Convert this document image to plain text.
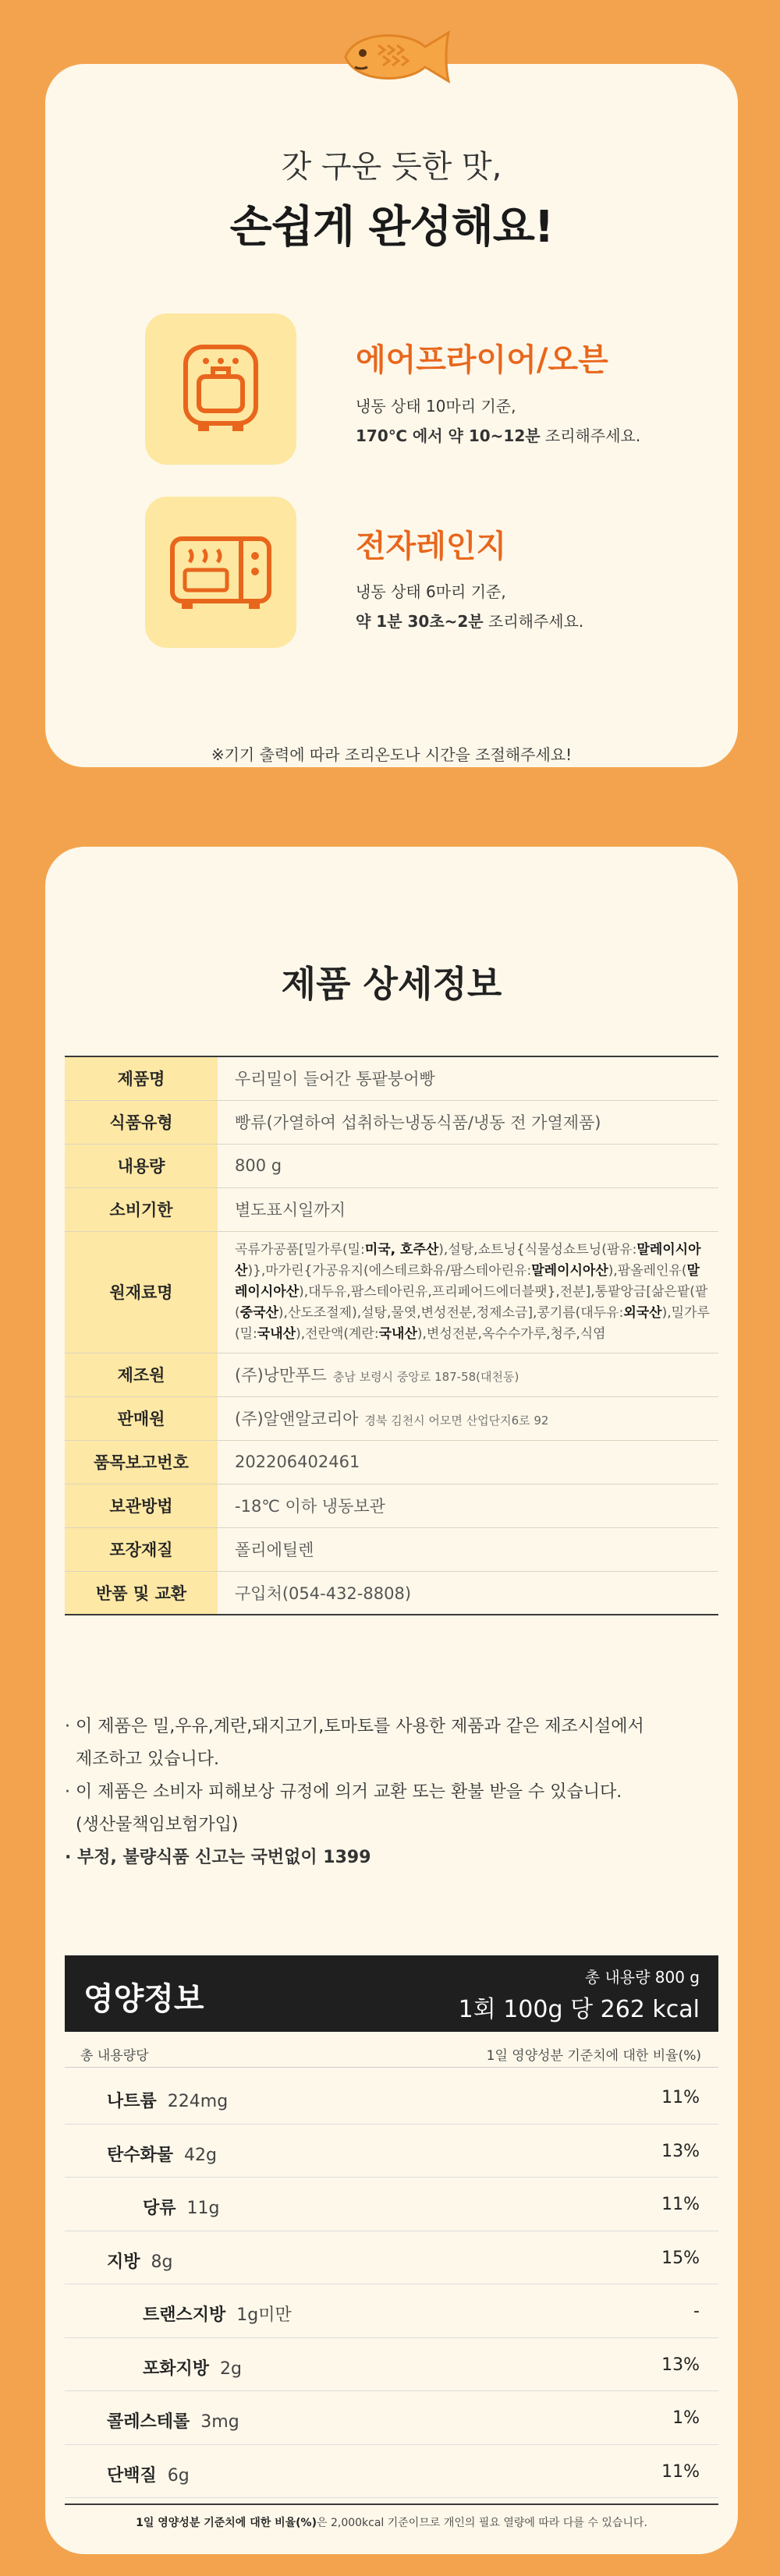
갓 구운 듯한 맛,
손쉽게 완성해요!
에어프라이어/오븐
냉동 상태 10마리 기준,
170℃ 에서 약 10~12분 조리해주세요.
전자레인지
냉동 상태 6마리 기준,
약 1분 30초~2분 조리해주세요.
※기기 출력에 따라 조리온도나 시간을 조절해주세요!
제품 상세정보
제품명	우리밀이 들어간 통팥붕어빵
식품유형	빵류(가열하여 섭취하는냉동식품/냉동 전 가열제품)
내용량	800 g
소비기한	별도표시일까지
원재료명	곡류가공품[밀가루(밀:미국, 호주산),설탕,쇼트닝{식물성쇼트닝(팜유:말레이시아산)},마가린{가공유지(에스테르화유/팜스테아린유:말레이시아산),팜올레인유(말레이시아산),대두유,팜스테아린유,프리페어드에더블팻},전분],통팥앙금[삶은팥(팥(중국산),산도조절제),설탕,물엿,변성전분,정제소금],콩기름(대두유:외국산),밀가루(밀:국내산),전란액(계란:국내산),변성전분,옥수수가루,청주,식염
제조원	(주)낭만푸드 충남 보령시 중앙로 187-58(대천동)
판매원	(주)알앤알코리아 경북 김천시 어모면 산업단지6로 92
품목보고번호	202206402461
보관방법	-18℃ 이하 냉동보관
포장재질	폴리에틸렌
반품 및 교환	구입처(054-432-8808)
· 이 제품은 밀,우유,계란,돼지고기,토마토를 사용한 제품과 같은 제조시설에서
제조하고 있습니다.
· 이 제품은 소비자 피해보상 규정에 의거 교환 또는 환불 받을 수 있습니다.
(생산물책임보험가입)
· 부정, 불량식품 신고는 국번없이 1399
영양정보
총 내용량 800 g
1회 100g 당 262 kcal
총 내용량당	1일 영양성분 기준치에 대한 비율(%)
나트륨 224mg	11%
탄수화물 42g	13%
당류 11g	11%
지방 8g	15%
트랜스지방 1g미만	-
포화지방 2g	13%
콜레스테롤 3mg	1%
단백질 6g	11%
1일 영양성분 기준치에 대한 비율(%)은 2,000kcal 기준이므로 개인의 필요 열량에 따라 다를 수 있습니다.
